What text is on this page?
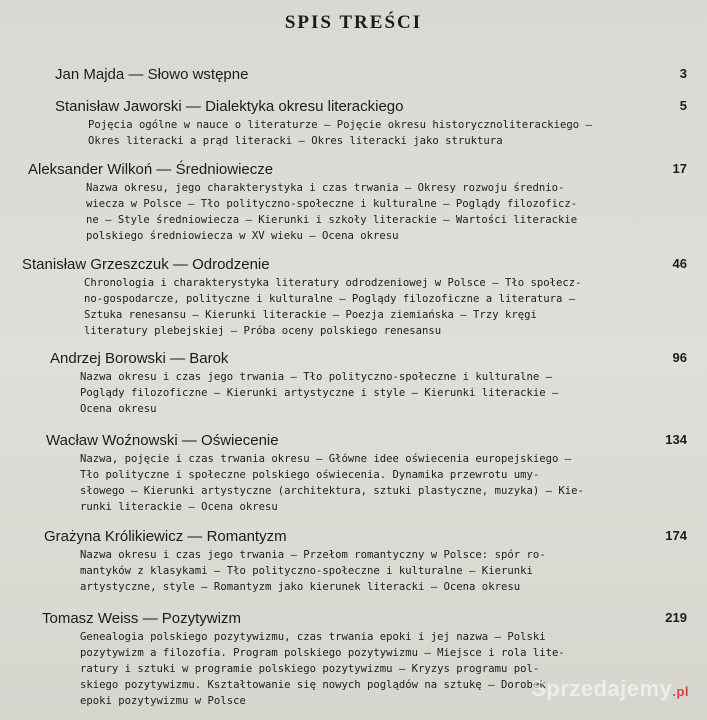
SPIS TREŚCI
Jan Majda — Słowo wstępne	3
Stanisław Jaworski — Dialektyka okresu literackiego	5
Pojęcia ogólne w nauce o literaturze — Pojęcie okresu historycznoliterackiego —
Okres literacki a prąd literacki — Okres literacki jako struktura
Aleksander Wilkoń — Średniowiecze	17
Nazwa okresu, jego charakterystyka i czas trwania — Okresy rozwoju średnio-
wiecza w Polsce — Tło polityczno-społeczne i kulturalne — Poglądy filozoficz-
ne — Style średniowiecza — Kierunki i szkoły literackie — Wartości literackie
polskiego średniowiecza w XV wieku — Ocena okresu
Stanisław Grzeszczuk — Odrodzenie	46
Chronologia i charakterystyka literatury odrodzeniowej w Polsce — Tło społecz-
no-gospodarcze, polityczne i kulturalne — Poglądy filozoficzne a literatura —
Sztuka renesansu — Kierunki literackie — Poezja ziemiańska — Trzy kręgi
literatury plebejskiej — Próba oceny polskiego renesansu
Andrzej Borowski — Barok	96
Nazwa okresu i czas jego trwania — Tło polityczno-społeczne i kulturalne —
Poglądy filozoficzne — Kierunki artystyczne i style — Kierunki literackie —
Ocena okresu
Wacław Woźnowski — Oświecenie	134
Nazwa, pojęcie i czas trwania okresu — Główne idee oświecenia europejskiego —
Tło polityczne i społeczne polskiego oświecenia. Dynamika przewrotu umy-
słowego — Kierunki artystyczne (architektura, sztuki plastyczne, muzyka) — Kie-
runki literackie — Ocena okresu
Grażyna Królikiewicz — Romantyzm	174
Nazwa okresu i czas jego trwania — Przełom romantyczny w Polsce: spór ro-
mantyków z klasykami — Tło polityczno-społeczne i kulturalne — Kierunki
artystyczne, style — Romantyzm jako kierunek literacki — Ocena okresu
Tomasz Weiss — Pozytywizm	219
Genealogia polskiego pozytywizmu, czas trwania epoki i jej nazwa — Polski
pozytywizm a filozofia. Program polskiego pozytywizmu — Miejsce i rola lite-
ratury i sztuki w programie polskiego pozytywizmu — Kryzys programu pol-
skiego pozytywizmu. Kształtowanie się nowych poglądów na sztukę — Dorobek
epoki pozytywizmu w Polsce	Sprzedajemy.pl
